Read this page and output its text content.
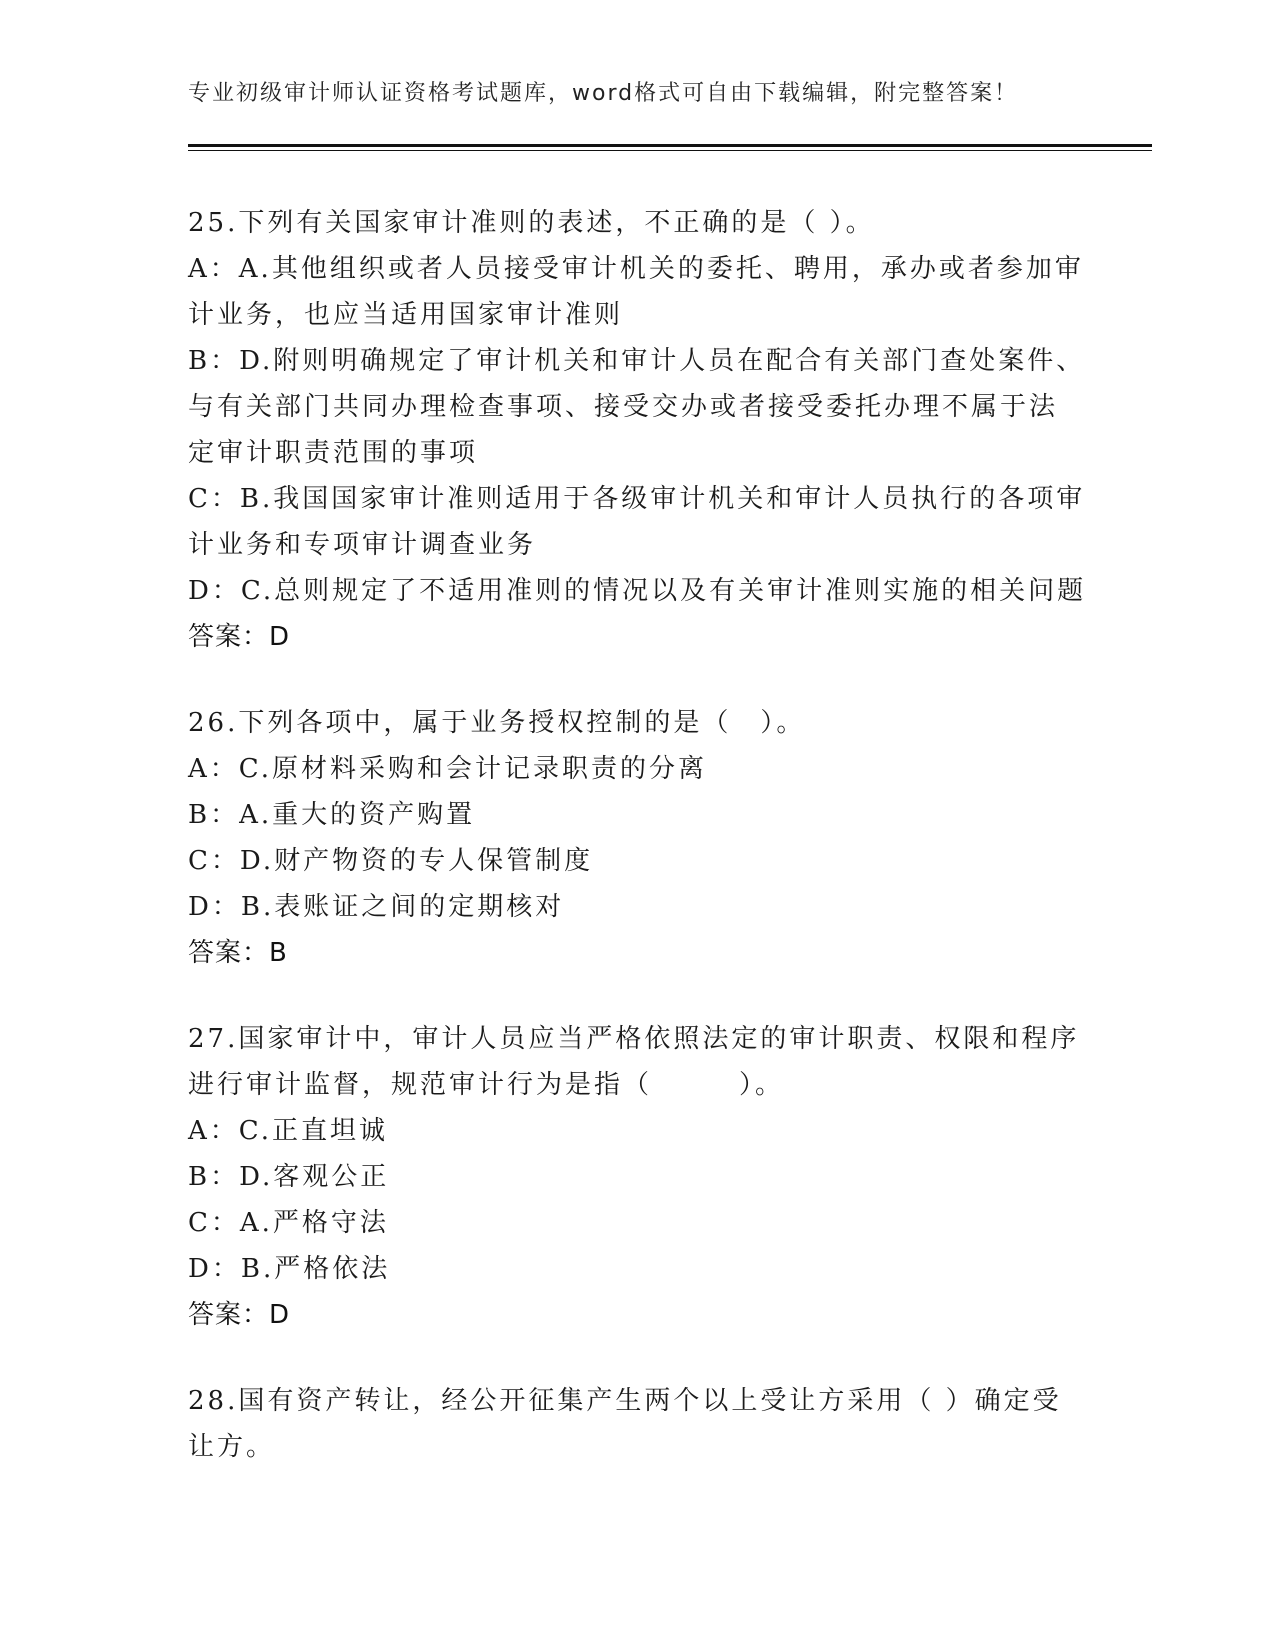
专业初级审计师认证资格考试题库，word格式可自由下载编辑，附完整答案！
25.下列有关国家审计准则的表述，不正确的是（ ）。
A：A.其他组织或者人员接受审计机关的委托、聘用，承办或者参加审
计业务，也应当适用国家审计准则
B：D.附则明确规定了审计机关和审计人员在配合有关部门查处案件、
与有关部门共同办理检查事项、接受交办或者接受委托办理不属于法
定审计职责范围的事项
C：B.我国国家审计准则适用于各级审计机关和审计人员执行的各项审
计业务和专项审计调查业务
D：C.总则规定了不适用准则的情况以及有关审计准则实施的相关问题
答案：D
26.下列各项中，属于业务授权控制的是（　）。
A：C.原材料采购和会计记录职责的分离
B：A.重大的资产购置
C：D.财产物资的专人保管制度
D：B.表账证之间的定期核对
答案：B
27.国家审计中，审计人员应当严格依照法定的审计职责、权限和程序
进行审计监督，规范审计行为是指（　　　）。
A：C.正直坦诚
B：D.客观公正
C：A.严格守法
D：B.严格依法
答案：D
28.国有资产转让，经公开征集产生两个以上受让方采用（ ）确定受
让方。
